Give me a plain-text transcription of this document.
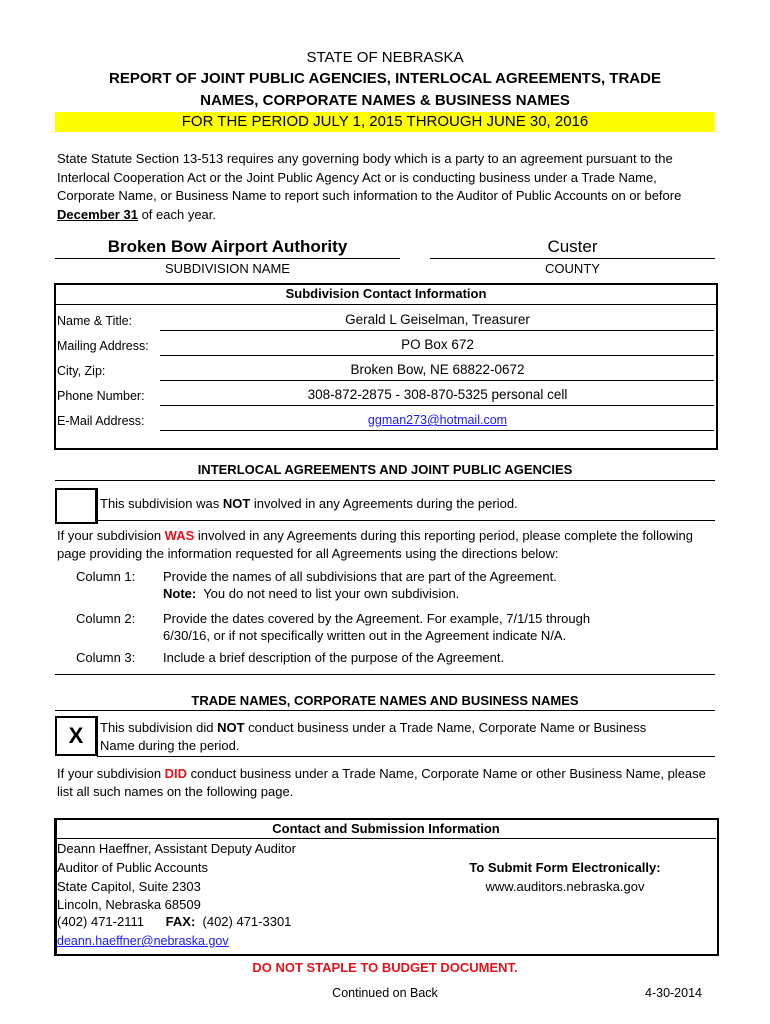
STATE OF NEBRASKA
REPORT OF JOINT PUBLIC AGENCIES, INTERLOCAL AGREEMENTS, TRADE
NAMES, CORPORATE NAMES & BUSINESS NAMES
FOR THE PERIOD JULY 1, 2015 THROUGH JUNE 30, 2016
State Statute Section 13-513 requires any governing body which is a party to an agreement pursuant to the Interlocal Cooperation Act or the Joint Public Agency Act or is conducting business under a Trade Name, Corporate Name, or Business Name to report such information to the Auditor of Public Accounts on or before December 31 of each year.
Broken Bow Airport Authority
SUBDIVISION NAME
Custer
COUNTY
Subdivision Contact Information
Name & Title:	Gerald L Geiselman, Treasurer
Mailing Address:	PO Box 672
City, Zip:	Broken Bow, NE 68822-0672
Phone Number:	308-872-2875 - 308-870-5325 personal cell
E-Mail Address:	ggman273@hotmail.com
INTERLOCAL AGREEMENTS AND JOINT PUBLIC AGENCIES
This subdivision was NOT involved in any Agreements during the period.
If your subdivision WAS involved in any Agreements during this reporting period, please complete the following page providing the information requested for all Agreements using the directions below:
Column 1: Provide the names of all subdivisions that are part of the Agreement.
Note:  You do not need to list your own subdivision.
Column 2: Provide the dates covered by the Agreement. For example, 7/1/15 through
6/30/16, or if not specifically written out in the Agreement indicate N/A.
Column 3: Include a brief description of the purpose of the Agreement.
TRADE NAMES, CORPORATE NAMES AND BUSINESS NAMES
X	This subdivision did NOT conduct business under a Trade Name, Corporate Name or Business
Name during the period.
If your subdivision DID conduct business under a Trade Name, Corporate Name or other Business Name, please list all such names on the following page.
Contact and Submission Information
Deann Haeffner, Assistant Deputy Auditor
Auditor of Public Accounts
State Capitol, Suite 2303
Lincoln, Nebraska 68509
(402) 471-2111 FAX: (402) 471-3301
deann.haeffner@nebraska.gov
To Submit Form Electronically:
www.auditors.nebraska.gov
DO NOT STAPLE TO BUDGET DOCUMENT.
Continued on Back	4-30-2014
